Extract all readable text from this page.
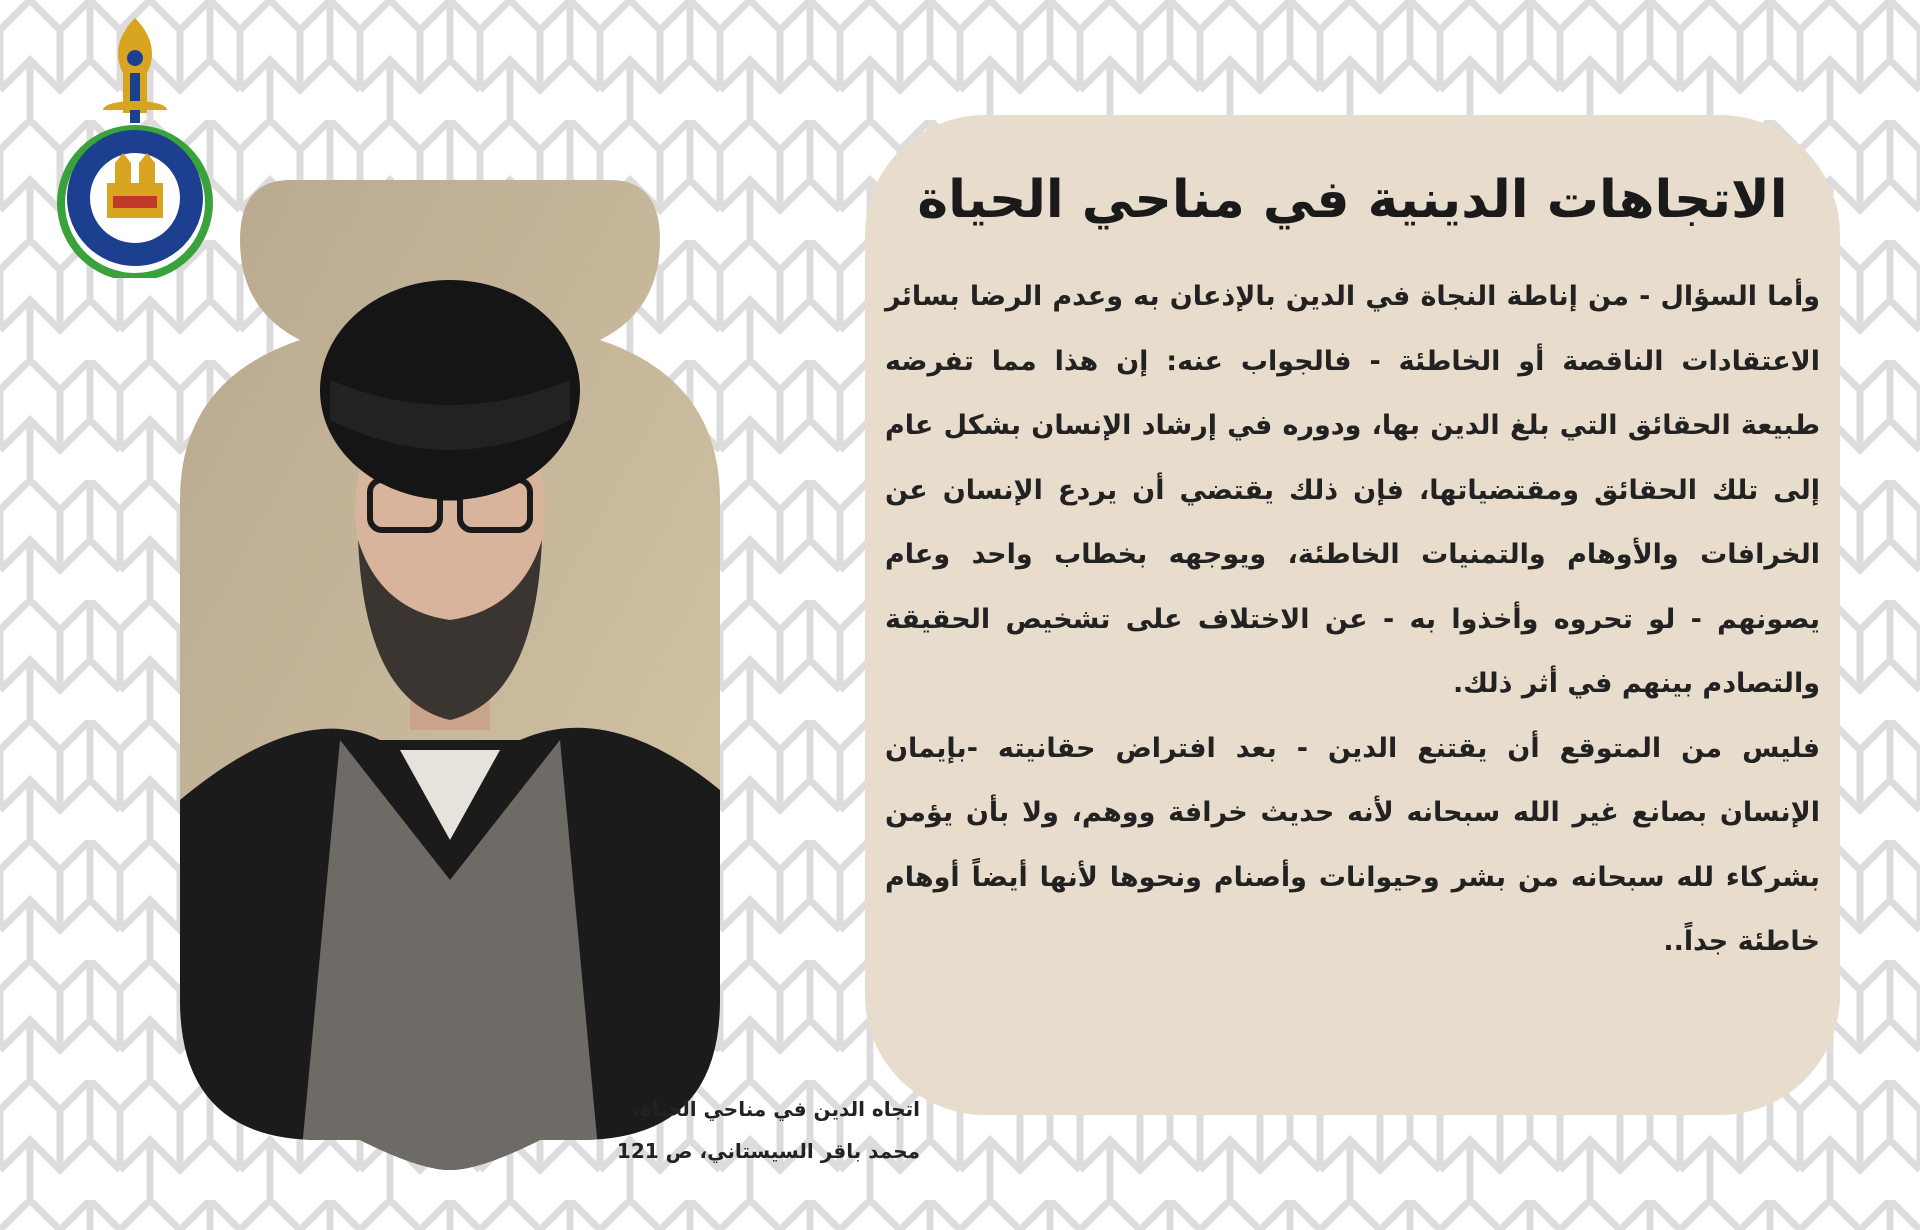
اتجاه الدين في مناحي الحياة،
محمد باقر السيستاني، ص 121
الاتجاهات الدينية في مناحي الحياة

وأما السؤال - من إناطة النجاة في الدين بالإذعان به وعدم الرضا بسائر الاعتقادات الناقصة أو الخاطئة - فالجواب عنه: إن هذا مما تفرضه طبيعة الحقائق التي بلغ الدين بها، ودوره في إرشاد الإنسان بشكل عام إلى تلك الحقائق ومقتضياتها، فإن ذلك يقتضي أن يردع الإنسان عن الخرافات والأوهام والتمنيات الخاطئة، ويوجهه بخطاب واحد وعام يصونهم - لو تحروه وأخذوا به - عن الاختلاف على تشخيص الحقيقة والتصادم بينهم في أثر ذلك.

فليس من المتوقع أن يقتنع الدين - بعد افتراض حقانيته -بإيمان الإنسان بصانع غير الله سبحانه لأنه حديث خرافة ووهم، ولا بأن يؤمن بشركاء لله سبحانه من بشر وحيوانات وأصنام ونحوها لأنها أيضاً أوهام خاطئة جداً..
